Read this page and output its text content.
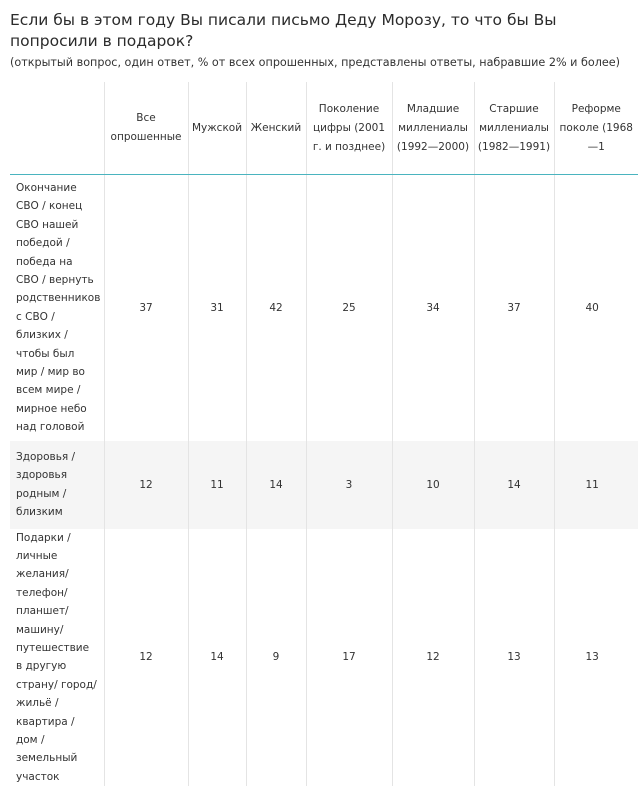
Если бы в этом году Вы писали письмо Деду Морозу, то что бы Вы попросили в подарок?
(открытый вопрос, один ответ, % от всех опрошенных, представлены ответы, набравшие 2% и более)
	Все опрошенные	Мужской	Женский	Поколение цифры (2001 г. и позднее)	Младшие миллениалы (1992—2000)	Старшие миллениалы (1982—1991)	Реформе поколе (1968—1
Окончание СВО / конец СВО нашей победой / победа на СВО / вернуть родственников с СВО / близких / чтобы был мир / мир во всем мире / мирное небо над головой	37	31	42	25	34	37	40
Здоровья / здоровья родным / близким	12	11	14	3	10	14	11
Подарки / личные желания/ телефон/ планшет/ машину/ путешествие в другую страну/ город/ жильё / квартира / дом / земельный участок	12	14	9	17	12	13	13
